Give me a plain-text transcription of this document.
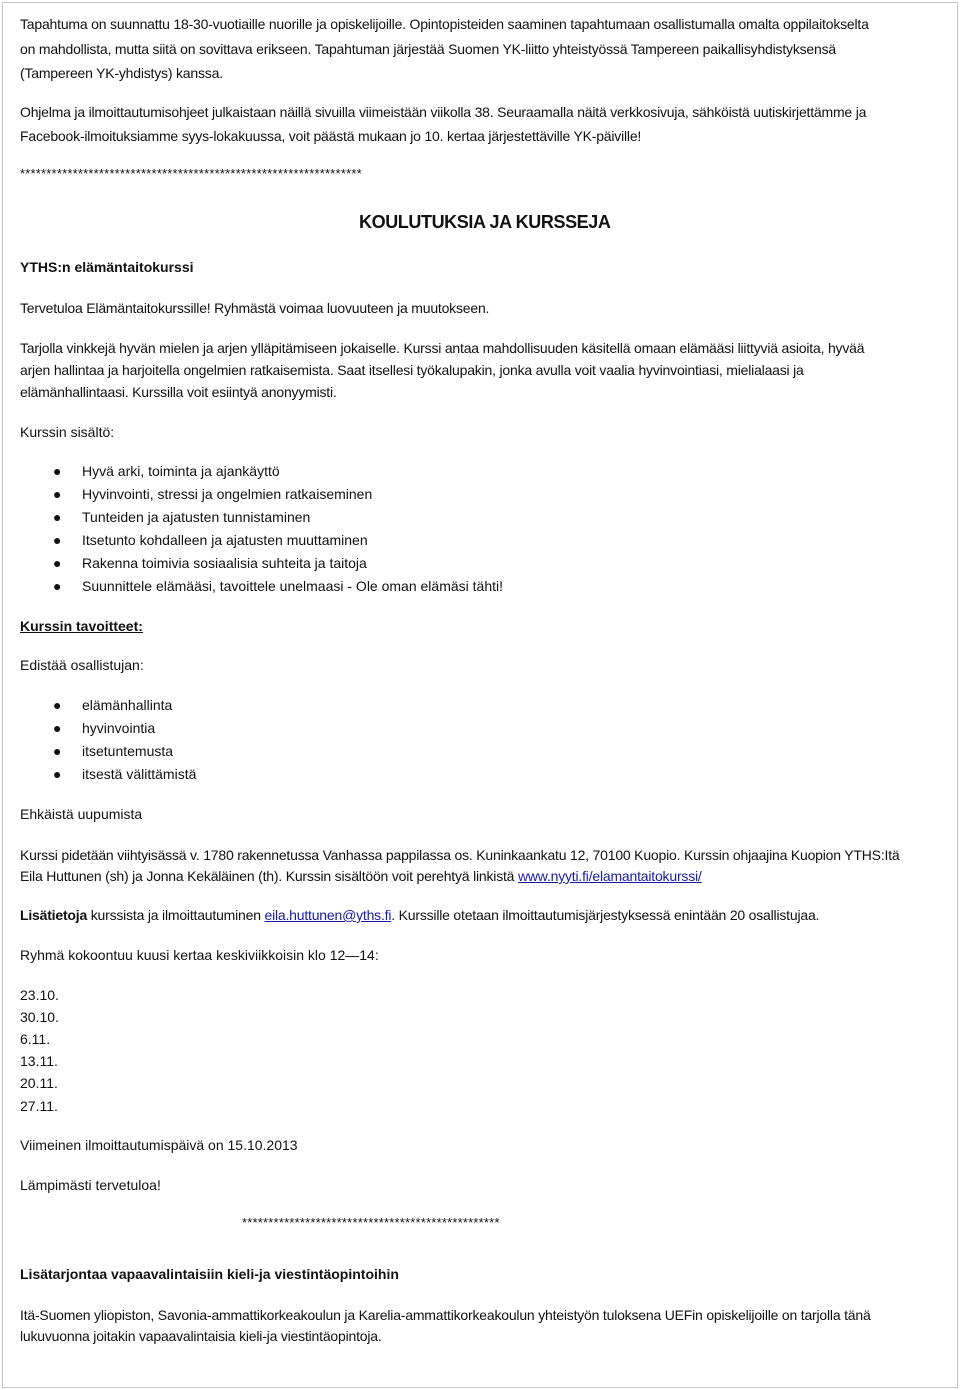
Tapahtuma on suunnattu 18-30-vuotiaille nuorille ja opiskelijoille. Opintopisteiden saaminen tapahtumaan osallistumalla omalta oppilaitokselta
on mahdollista, mutta siitä on sovittava erikseen. Tapahtuman järjestää Suomen YK-liitto yhteistyössä Tampereen paikallisyhdistyksensä
(Tampereen YK-yhdistys) kanssa.
Ohjelma ja ilmoittautumisohjeet julkaistaan näillä sivuilla viimeistään viikolla 38. Seuraamalla näitä verkkosivuja, sähköistä uutiskirjettämme ja
Facebook-ilmoituksiamme syys-lokakuussa, voit päästä mukaan jo 10. kertaa järjestettäville YK-päiville!
*****************************************************************
KOULUTUKSIA JA KURSSEJA
YTHS:n elämäntaitokurssi
Tervetuloa Elämäntaitokurssille! Ryhmästä voimaa luovuuteen ja muutokseen.
Tarjolla vinkkejä hyvän mielen ja arjen ylläpitämiseen jokaiselle. Kurssi antaa mahdollisuuden käsitellä omaan elämääsi liittyviä asioita, hyvää
arjen hallintaa ja harjoitella ongelmien ratkaisemista. Saat itsellesi työkalupakin, jonka avulla voit vaalia hyvinvointiasi, mielialaasi ja
elämänhallintaasi. Kurssilla voit esiintyä anonyymisti.
Kurssin sisältö:
● Hyvä arki, toiminta ja ajankäyttö
● Hyvinvointi, stressi ja ongelmien ratkaiseminen
● Tunteiden ja ajatusten tunnistaminen
● Itsetunto kohdalleen ja ajatusten muuttaminen
● Rakenna toimivia sosiaalisia suhteita ja taitoja
● Suunnittele elämääsi, tavoittele unelmaasi - Ole oman elämäsi tähti!
Kurssin tavoitteet:
Edistää osallistujan:
● elämänhallinta
● hyvinvointia
● itsetuntemusta
● itsestä välittämistä
Ehkäistä uupumista
Kurssi pidetään viihtyisässä v. 1780 rakennetussa Vanhassa pappilassa os. Kuninkaankatu 12, 70100 Kuopio. Kurssin ohjaajina Kuopion YTHS:Itä
Eila Huttunen (sh) ja Jonna Kekäläinen (th). Kurssin sisältöön voit perehtyä linkistä www.nyyti.fi/elamantaitokurssi/
Lisätietoja kurssista ja ilmoittautuminen eila.huttunen@yths.fi. Kurssille otetaan ilmoittautumisjärjestyksessä enintään 20 osallistujaa.
Ryhmä kokoontuu kuusi kertaa keskiviikkoisin klo 12—14:
23.10.
30.10.
6.11.
13.11.
20.11.
27.11.
Viimeinen ilmoittautumispäivä on 15.10.2013
Lämpimästi tervetuloa!
*************************************************
Lisätarjontaa vapaavalintaisiin kieli-ja viestintäopintoihin
Itä-Suomen yliopiston, Savonia-ammattikorkeakoulun ja Karelia-ammattikorkeakoulun yhteistyön tuloksena UEFin opiskelijoille on tarjolla tänä
lukuvuonna joitakin vapaavalintaisia kieli-ja viestintäopintoja.
